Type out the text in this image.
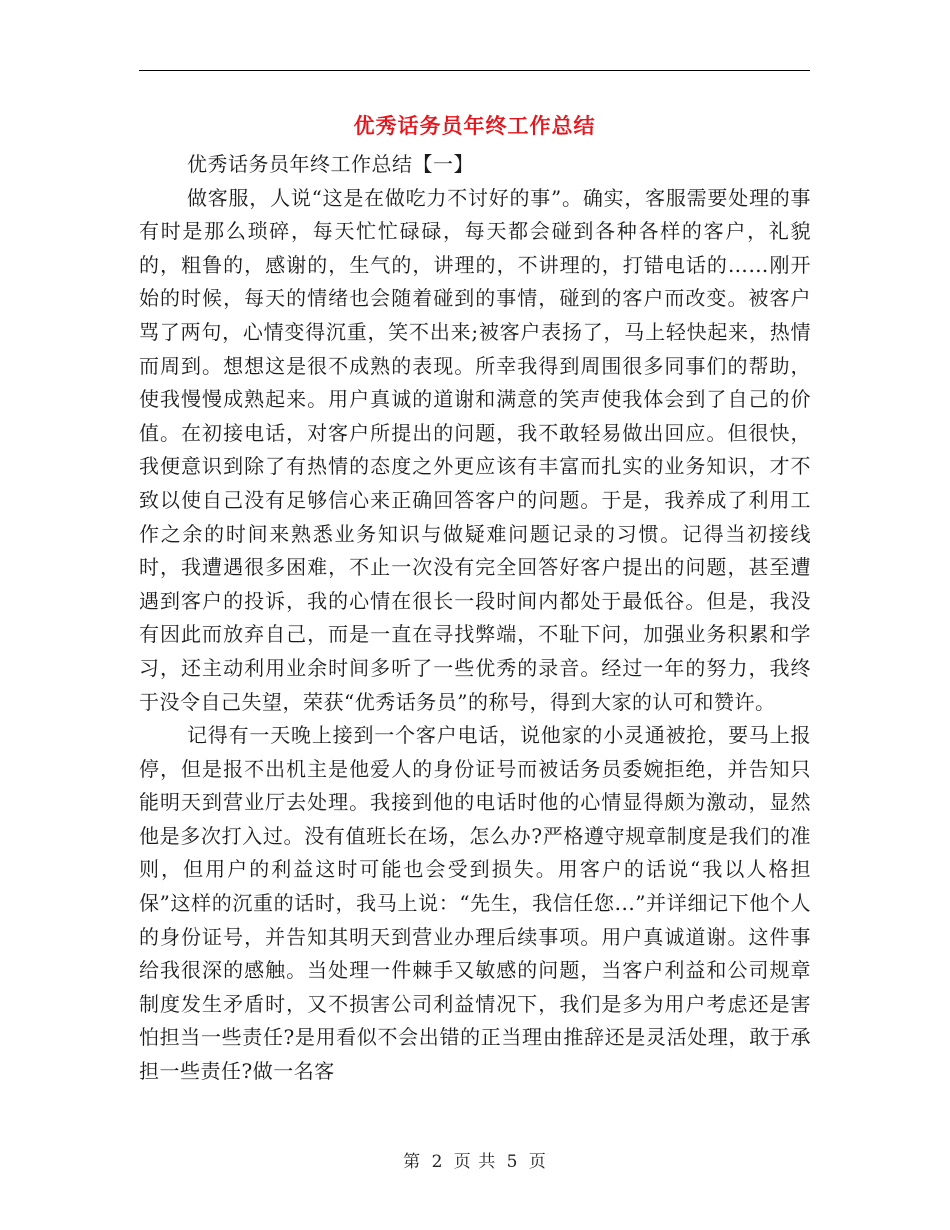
优秀话务员年终工作总结

优秀话务员年终工作总结【一】

做客服，人说“这是在做吃力不讨好的事”。确实，客服需要处理的事有时是那么琐碎，每天忙忙碌碌，每天都会碰到各种各样的客户，礼貌的，粗鲁的，感谢的，生气的，讲理的，不讲理的，打错电话的……刚开始的时候，每天的情绪也会随着碰到的事情，碰到的客户而改变。被客户骂了两句，心情变得沉重，笑不出来;被客户表扬了，马上轻快起来，热情而周到。想想这是很不成熟的表现。所幸我得到周围很多同事们的帮助，使我慢慢成熟起来。用户真诚的道谢和满意的笑声使我体会到了自己的价值。在初接电话，对客户所提出的问题，我不敢轻易做出回应。但很快，我便意识到除了有热情的态度之外更应该有丰富而扎实的业务知识，才不致以使自己没有足够信心来正确回答客户的问题。于是，我养成了利用工作之余的时间来熟悉业务知识与做疑难问题记录的习惯。记得当初接线时，我遭遇很多困难，不止一次没有完全回答好客户提出的问题，甚至遭遇到客户的投诉，我的心情在很长一段时间内都处于最低谷。但是，我没有因此而放弃自己，而是一直在寻找弊端，不耻下问，加强业务积累和学习，还主动利用业余时间多听了一些优秀的录音。经过一年的努力，我终于没令自己失望，荣获“优秀话务员”的称号，得到大家的认可和赞许。

记得有一天晚上接到一个客户电话，说他家的小灵通被抢，要马上报停，但是报不出机主是他爱人的身份证号而被话务员委婉拒绝，并告知只能明天到营业厅去处理。我接到他的电话时他的心情显得颇为激动，显然他是多次打入过。没有值班长在场，怎么办?严格遵守规章制度是我们的准则，但用户的利益这时可能也会受到损失。用客户的话说“我以人格担保”这样的沉重的话时，我马上说：“先生，我信任您...”并详细记下他个人的身份证号，并告知其明天到营业办理后续事项。用户真诚道谢。这件事给我很深的感触。当处理一件棘手又敏感的问题，当客户利益和公司规章制度发生矛盾时，又不损害公司利益情况下，我们是多为用户考虑还是害怕担当一些责任?是用看似不会出错的正当理由推辞还是灵活处理，敢于承担一些责任?做一名客

第 2 页 共 5 页
